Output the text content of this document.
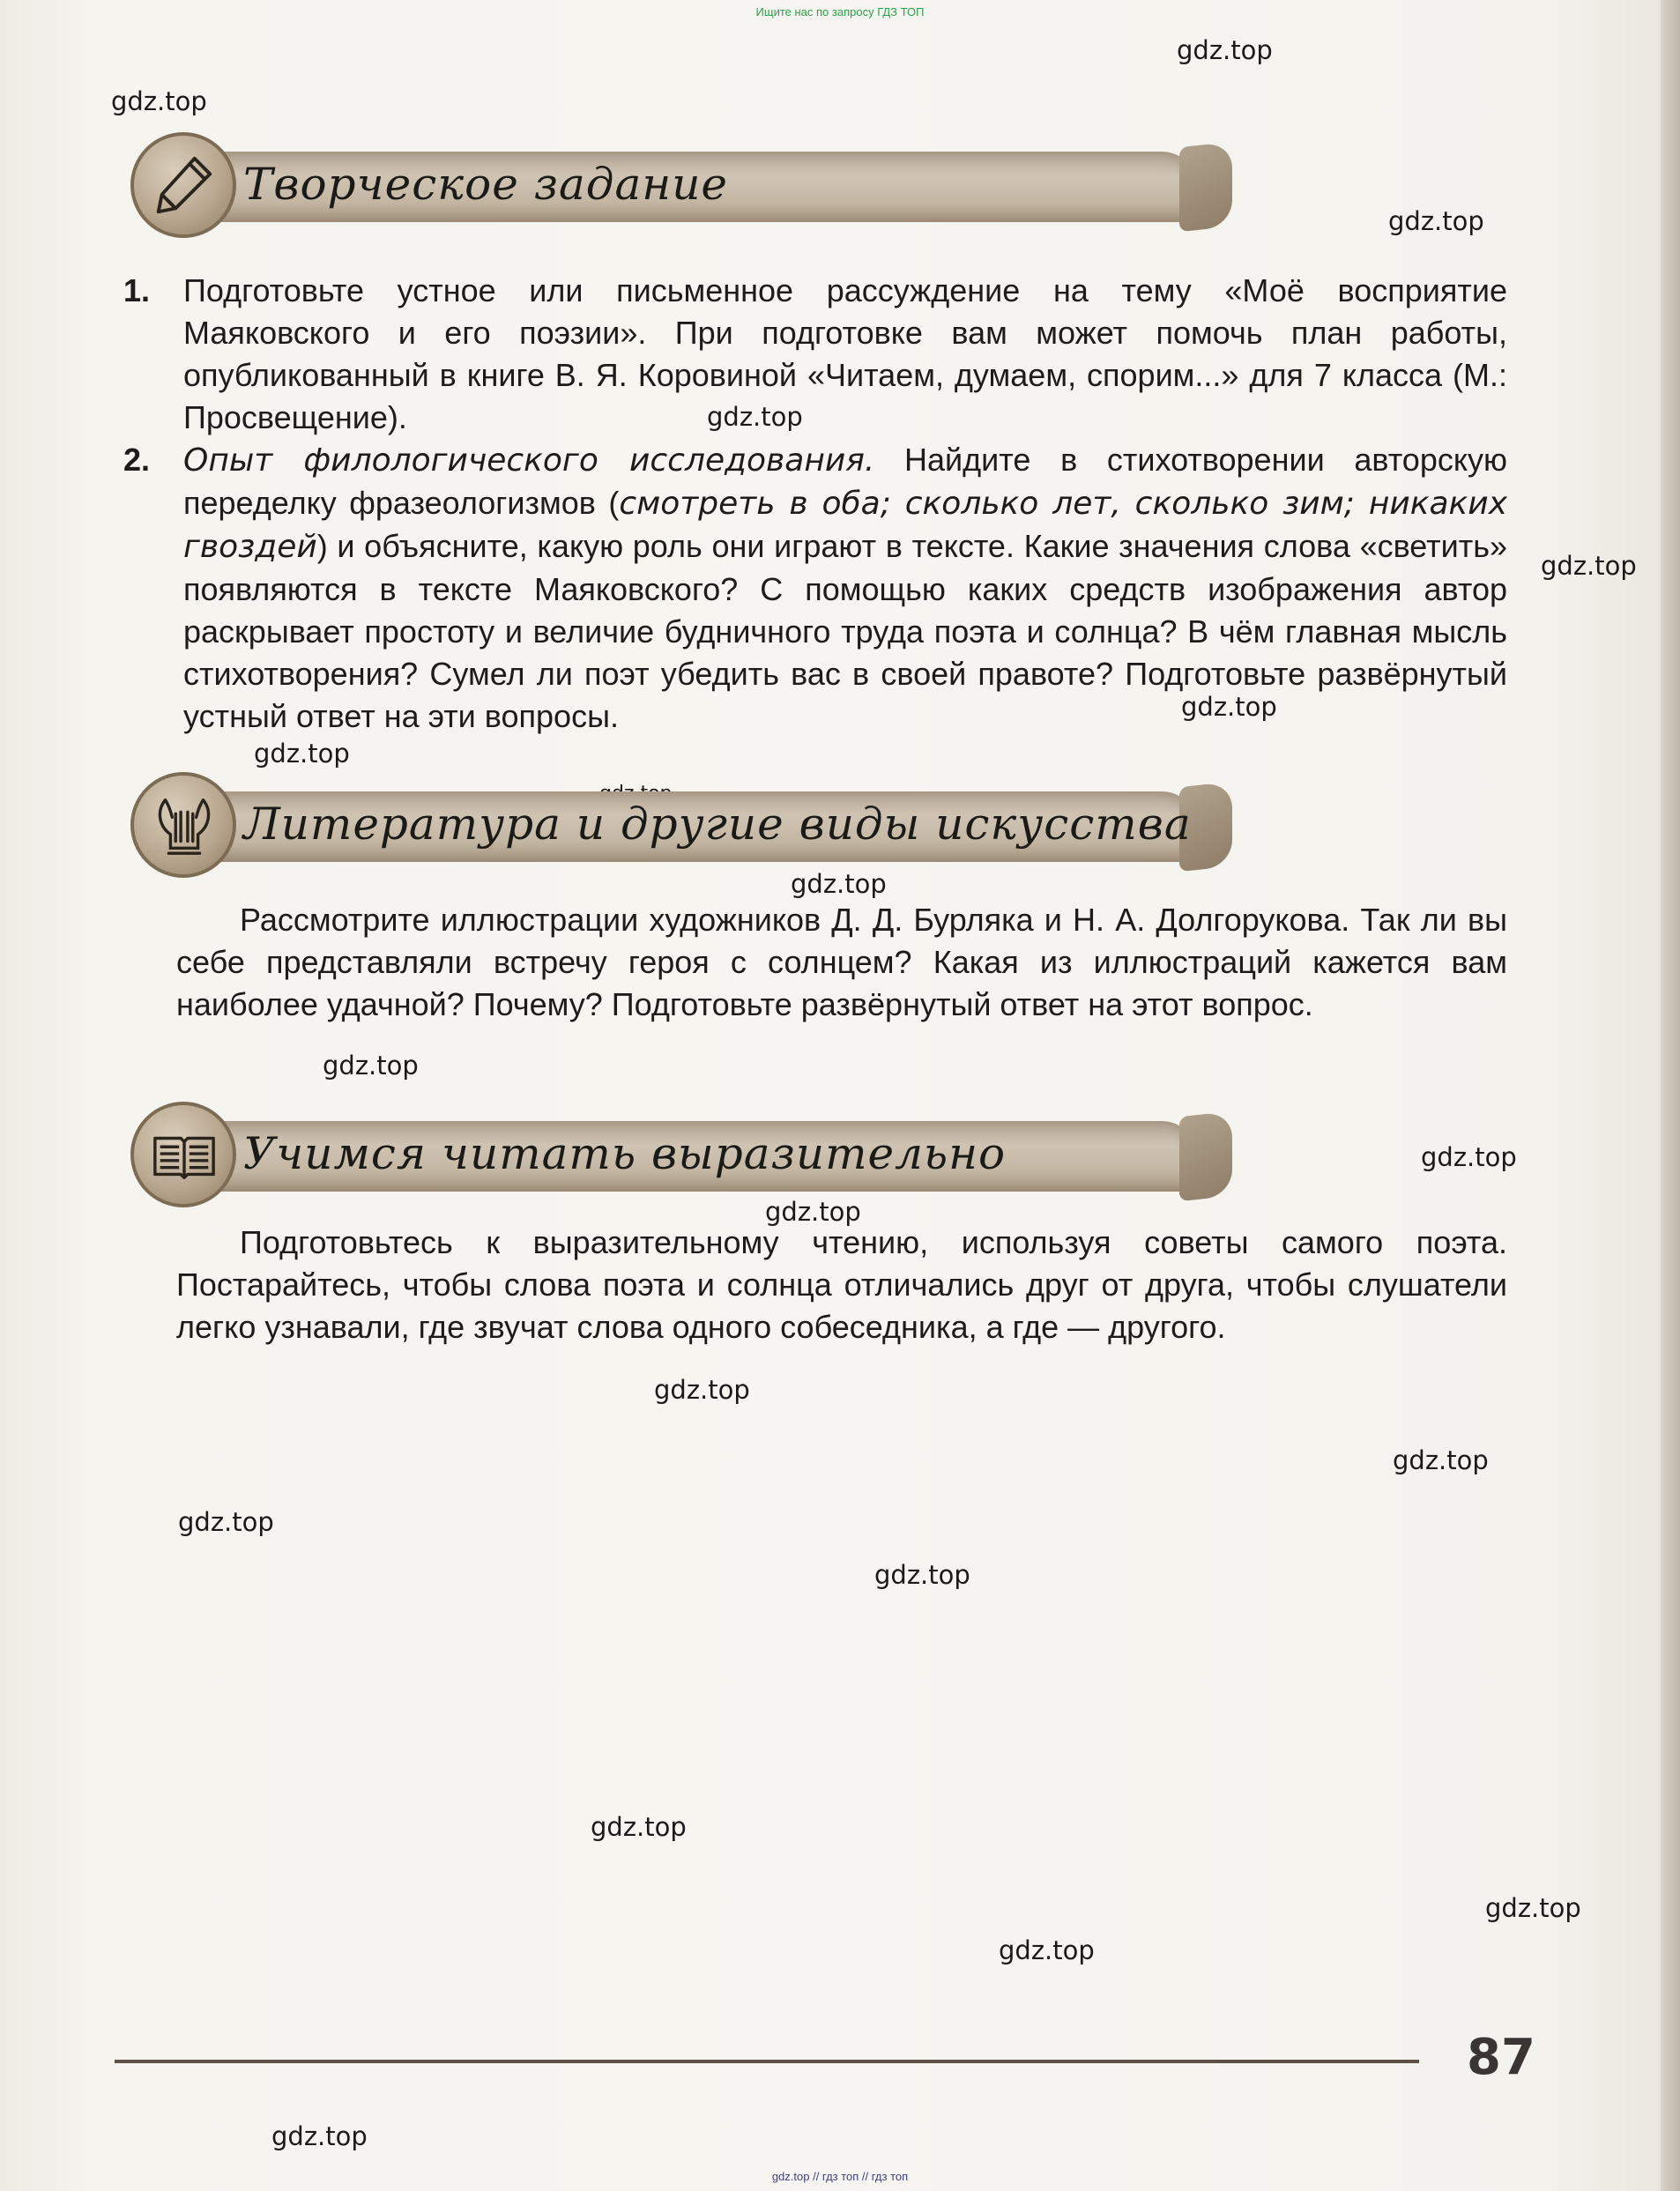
Ищите нас по запросу ГДЗ ТОП
gdz.top
gdz.top
gdz.top
gdz.top
gdz.top
gdz.top
gdz.top
gdz.top
gdz.top
gdz.top
gdz.top
gdz.top
gdz.top
gdz.top
gdz.top
gdz.top
gdz.top
gdz.top
gdz.top
Творческое задание
1. Подготовьте устное или письменное рассуждение на тему «Моё восприятие Маяковского и его поэзии». При подготовке вам может помочь план работы, опубликованный в книге В. Я. Коровиной «Читаем, думаем, спорим...» для 7 класса (М.: Просвещение).
2. Опыт филологического исследования. Найдите в стихотворении авторскую переделку фразеологизмов (смотреть в оба; сколько лет, сколько зим; никаких гвоздей) и объясните, какую роль они играют в тексте. Какие значения слова «светить» появляются в тексте Маяковского? С помощью каких средств изображения автор раскрывает простоту и величие будничного труда поэта и солнца? В чём главная мысль стихотворения? Сумел ли поэт убедить вас в своей правоте? Подготовьте развёрнутый устный ответ на эти вопросы.
Литература и другие виды искусства

Рассмотрите иллюстрации художников Д. Д. Бурляка и Н. А. Долгорукова. Так ли вы себе представляли встречу героя с солнцем? Какая из иллюстраций кажется вам наиболее удачной? Почему? Подготовьте развёрнутый ответ на этот вопрос.

Учимся читать выразительно

Подготовьтесь к выразительному чтению, используя советы самого поэта. Постарайтесь, чтобы слова поэта и солнца отличались друг от друга, чтобы слушатели легко узнавали, где звучат слова одного собеседника, а где — другого.

87
gdz.top // гдз топ // гдз топ
